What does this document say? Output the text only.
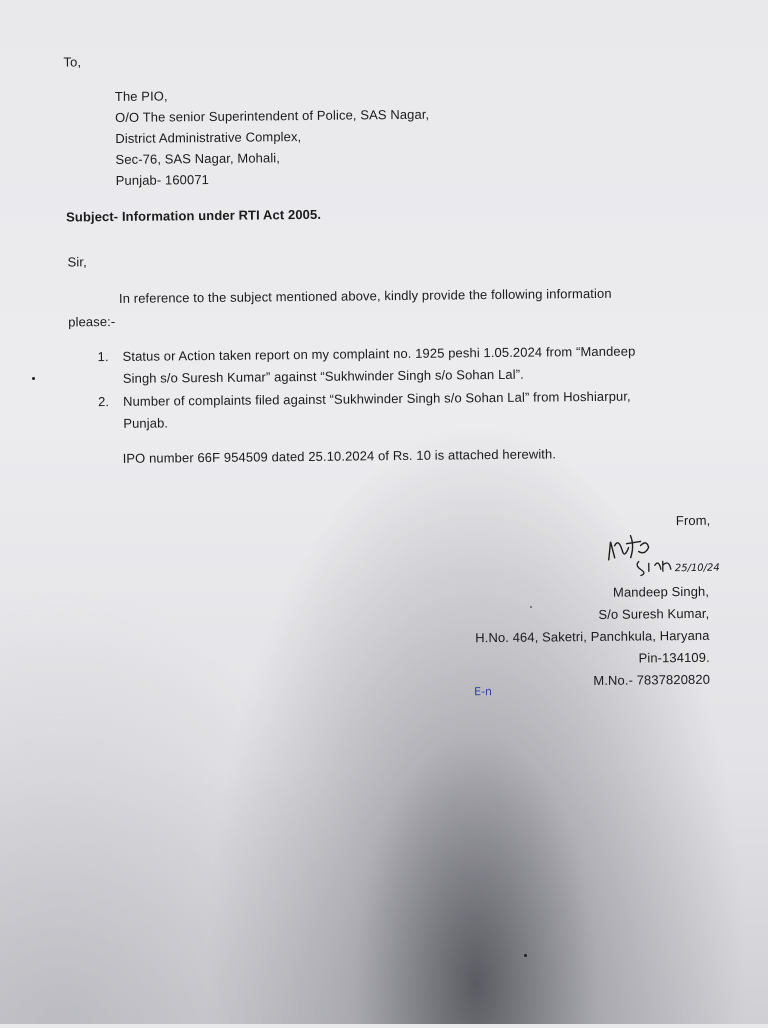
To,
The PIO,
O/O The senior Superintendent of Police, SAS Nagar,
District Administrative Complex,
Sec-76, SAS Nagar, Mohali,
Punjab- 160071
Subject- Information under RTI Act 2005.
Sir,
In reference to the subject mentioned above, kindly provide the following information
please:-
1. Status or Action taken report on my complaint no. 1925 peshi 1.05.2024 from “Mandeep
Singh s/o Suresh Kumar” against “Sukhwinder Singh s/o Sohan Lal”.
2. Number of complaints filed against “Sukhwinder Singh s/o Sohan Lal” from Hoshiarpur,
Punjab.
IPO number 66F 954509 dated 25.10.2024 of Rs. 10 is attached herewith.
From,
25/10/24
Mandeep Singh,
S/o Suresh Kumar,
H.No. 464, Saketri, Panchkula, Haryana
Pin-134109.
M.No.- 7837820820
E-n
